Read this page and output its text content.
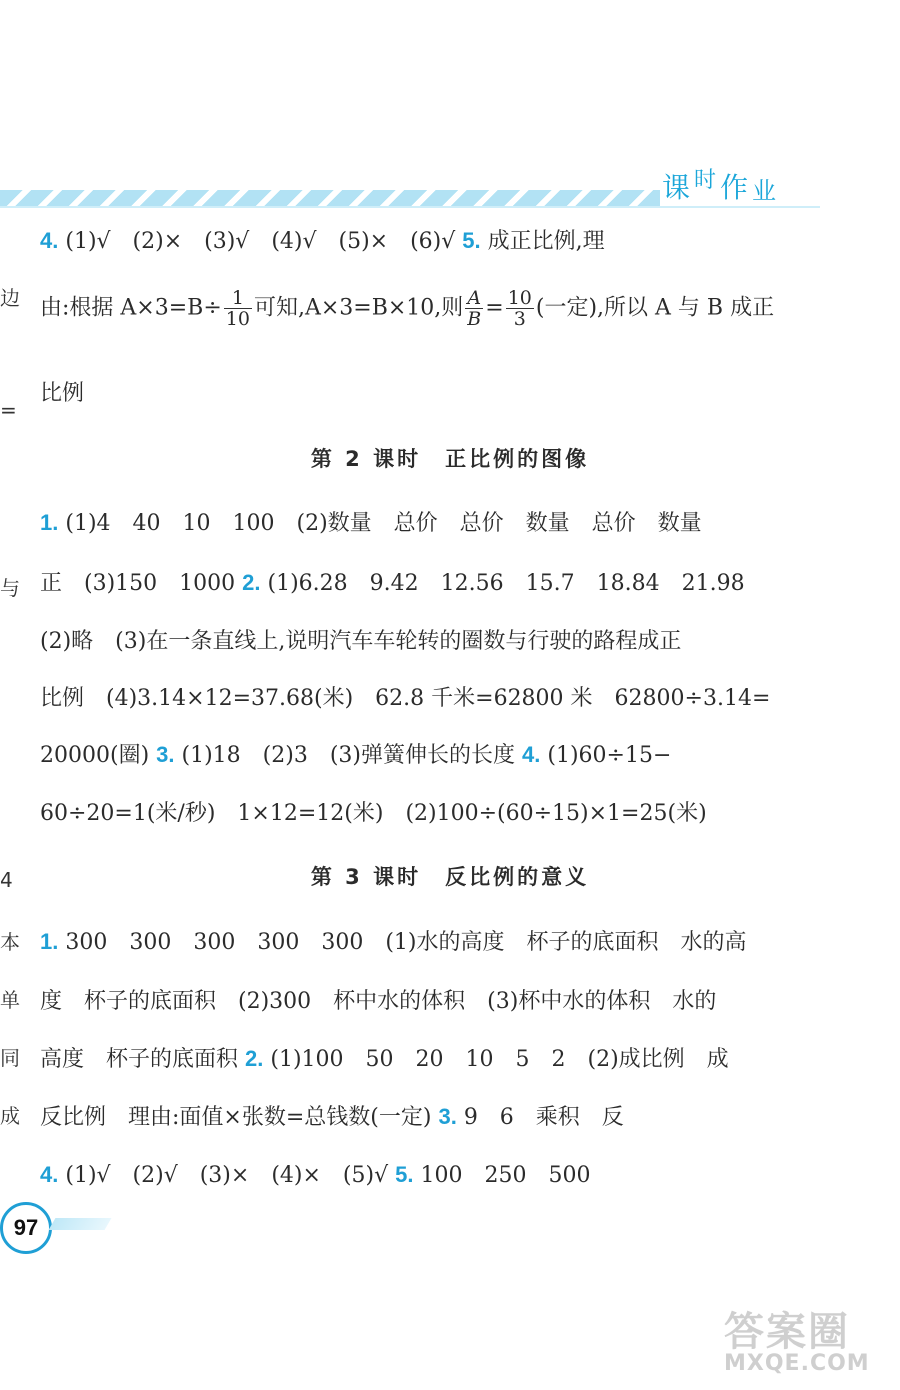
课$^时$作业
边
=
与
4
本
单
同
成
4. (1)√　(2)×　(3)√　(4)√　(5)×　(6)√ 5. 成正比例,理
由:根据 $A\times 3=B\div \frac{1}{10}$ 可知,A×3=B×10,则 $\frac{A}{B} = \frac{10}{3}$ (一定),所以 A 与 B 成正
比例
第 2 课时　正比例的图像
1. (1)4　40　10　100　(2)数量　总价　总价　数量　总价　数量
正　(3)150　1000 2. (1)6.28　9.42　12.56　15.7　18.84　21.98
(2)略　(3)在一条直线上,说明汽车车轮转的圈数与行驶的路程成正
比例　(4)3.14×12=37.68(米)　62.8 千米=62800 米　62800÷3.14=
20000(圈) 3. (1)18　(2)3　(3)弹簧伸长的长度 4. (1)60÷15−
60÷20=1(米/秒)　1×12=12(米)　(2)100÷(60÷15)×1=25(米)
第 3 课时　反比例的意义
1. 300　300　300　300　300　(1)水的高度　杯子的底面积　水的高
度　杯子的底面积　(2)300　杯中水的体积　(3)杯中水的体积　水的
高度　杯子的底面积 2. (1)100　50　20　10　5　2　(2)成比例　成
反比例　理由:面值×张数=总钱数(一定) 3. 9　6　乘积　反
4. (1)√　(2)√　(3)×　(4)×　(5)√ 5. 100　250　500
97
答案圈
MXQE.COM
